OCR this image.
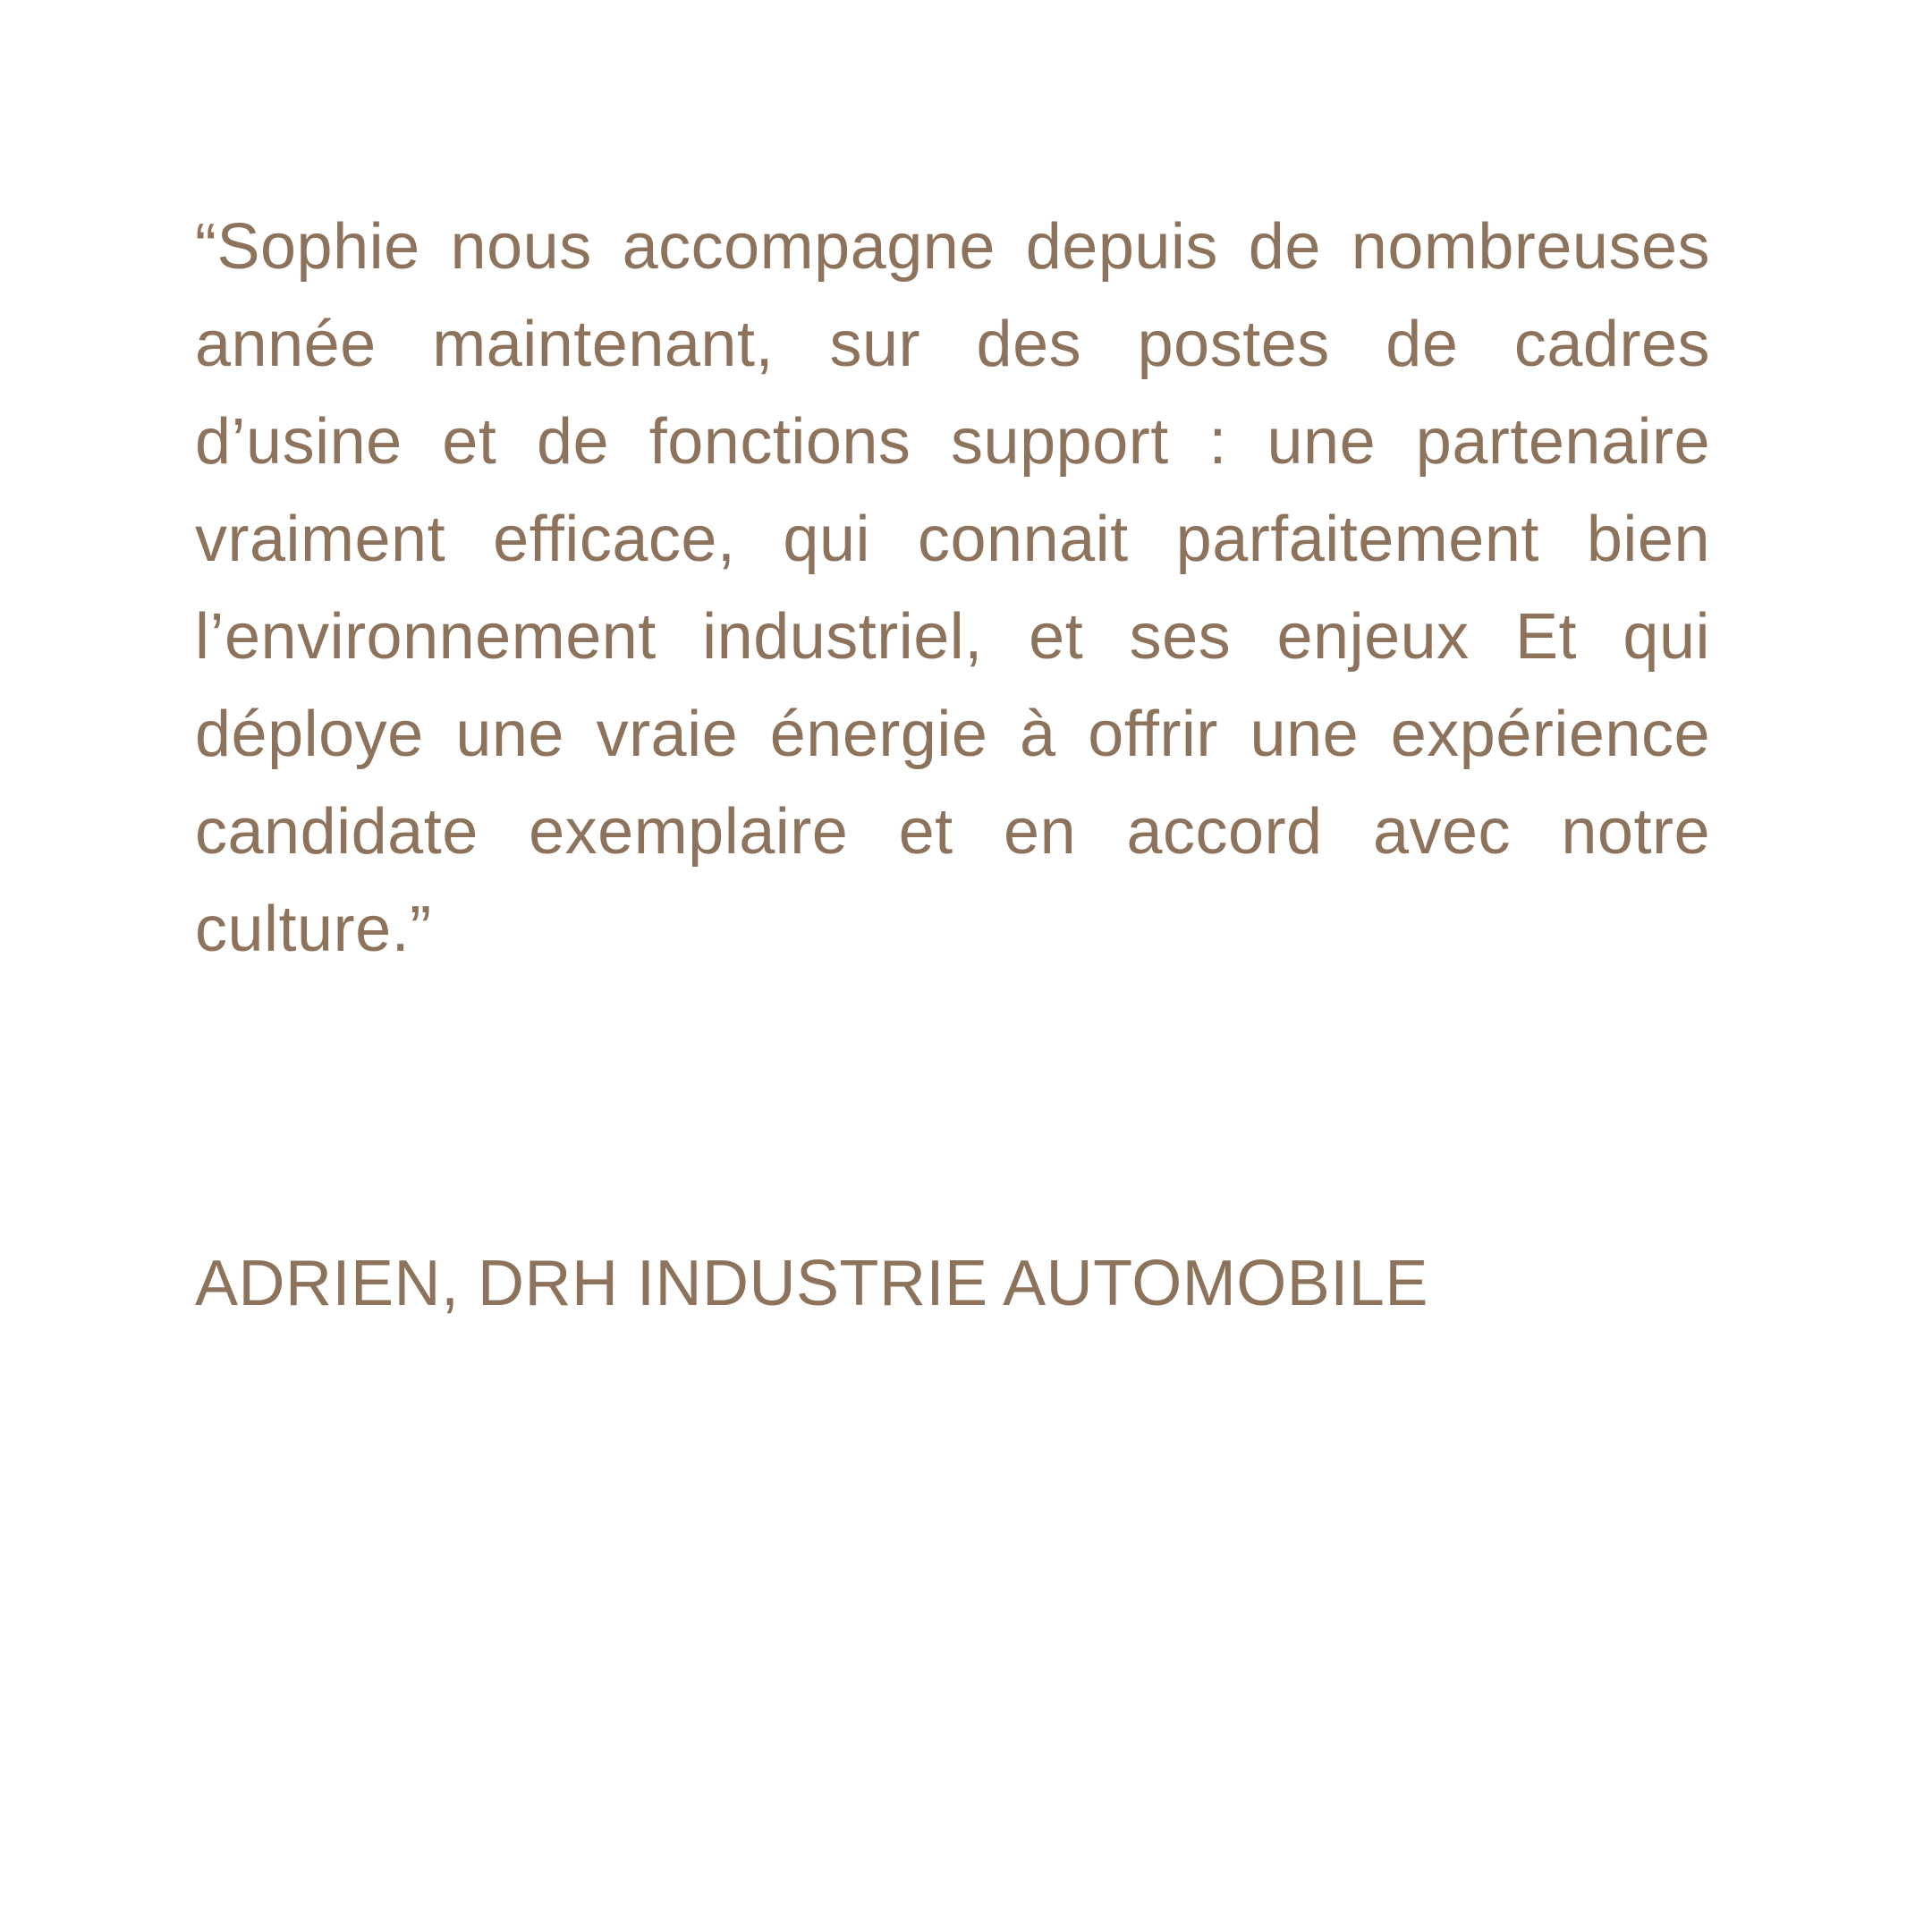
“Sophie nous accompagne depuis de nombreuses année maintenant, sur des postes de cadres d’usine et de fonctions support : une partenaire vraiment efficace, qui connait parfaitement bien l’environnement industriel, et ses enjeux Et qui déploye une vraie énergie à offrir une expérience candidate exemplaire et en accord avec notre culture.”

ADRIEN, DRH INDUSTRIE AUTOMOBILE
